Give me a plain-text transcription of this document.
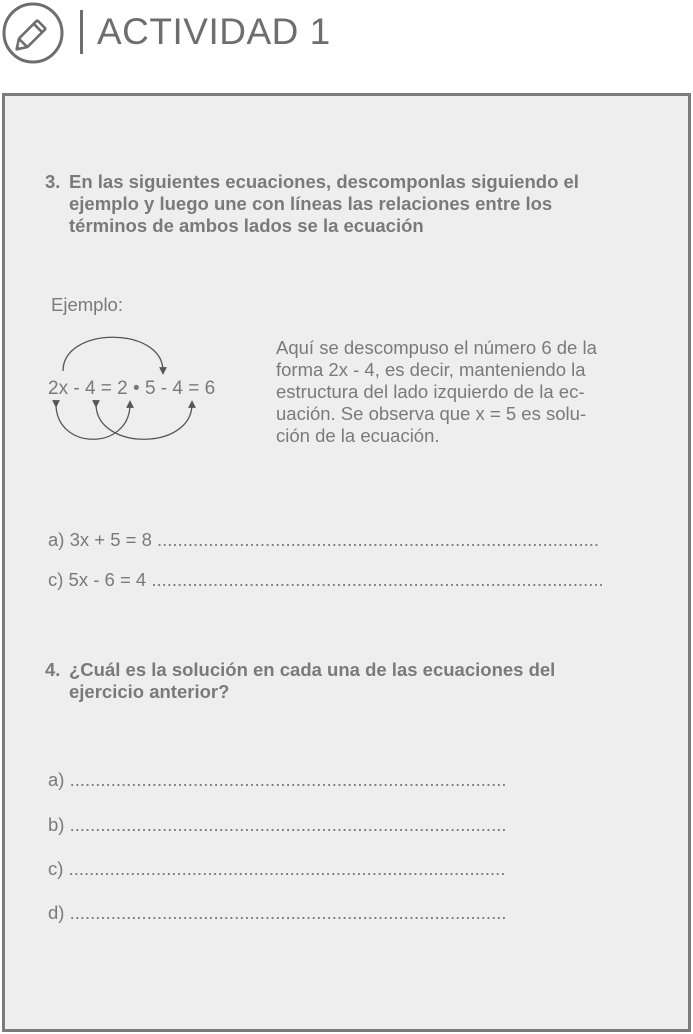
ACTIVIDAD 1
3. En las siguientes ecuaciones, descomponlas siguiendo el
ejemplo y luego une con líneas las relaciones entre los
términos de ambos lados se la ecuación
Ejemplo:
2x - 4 = 2 • 5 - 4 = 6
Aquí se descompuso el número 6 de la
forma 2x - 4, es decir, manteniendo la
estructura del lado izquierdo de la ec-
uación. Se observa que x = 5 es solu-
ción de la ecuación.
a) 3x + 5 = 8 ......................................................................................
c) 5x - 6 = 4 ........................................................................................
4. ¿Cuál es la solución en cada una de las ecuaciones del
ejercicio anterior?
a) .....................................................................................
b) .....................................................................................
c) .....................................................................................
d) .....................................................................................
